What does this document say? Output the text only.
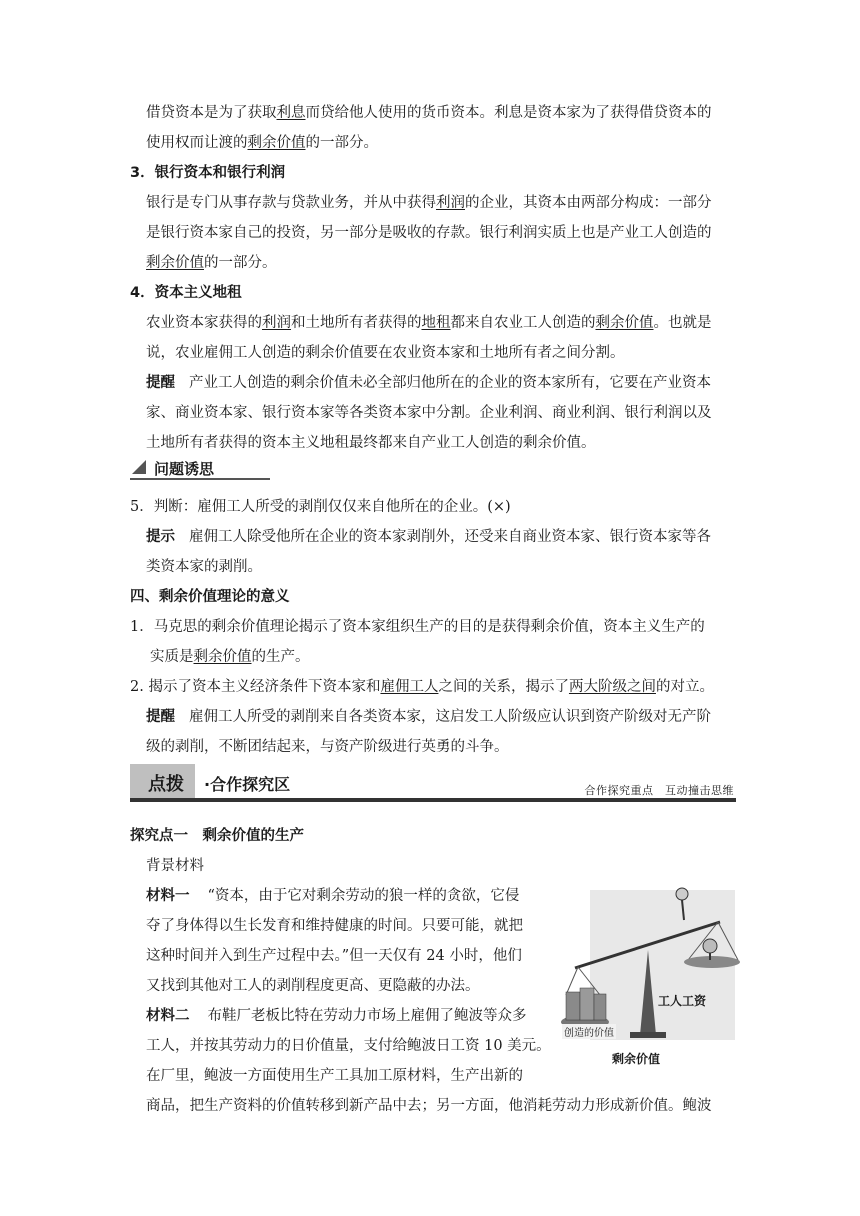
借贷资本是为了获取利息而贷给他人使用的货币资本。利息是资本家为了获得借贷资本的
使用权而让渡的剩余价值的一部分。
3．银行资本和银行利润
银行是专门从事存款与贷款业务，并从中获得利润的企业，其资本由两部分构成：一部分
是银行资本家自己的投资，另一部分是吸收的存款。银行利润实质上也是产业工人创造的
剩余价值的一部分。
4．资本主义地租
农业资本家获得的利润和土地所有者获得的地租都来自农业工人创造的剩余价值。也就是
说，农业雇佣工人创造的剩余价值要在农业资本家和土地所有者之间分割。
提醒 产业工人创造的剩余价值未必全部归他所在的企业的资本家所有，它要在产业资本
家、商业资本家、银行资本家等各类资本家中分割。企业利润、商业利润、银行利润以及
土地所有者获得的资本主义地租最终都来自产业工人创造的剩余价值。
问题诱思
5．判断：雇佣工人所受的剥削仅仅来自他所在的企业。(×)
提示 雇佣工人除受他所在企业的资本家剥削外，还受来自商业资本家、银行资本家等各
类资本家的剥削。
四、剩余价值理论的意义
1．马克思的剩余价值理论揭示了资本家组织生产的目的是获得剩余价值，资本主义生产的
实质是剩余价值的生产。
2. 揭示了资本主义经济条件下资本家和雇佣工人之间的关系，揭示了两大阶级之间的对立。
提醒 雇佣工人所受的剥削来自各类资本家，这启发工人阶级应认识到资产阶级对无产阶
级的剥削，不断团结起来，与资产阶级进行英勇的斗争。
点拨 ·合作探究区	合作探究重点　互动撞击思维
探究点一　剩余价值的生产
背景材料
材料一 “资本，由于它对剩余劳动的狼一样的贪欲，它侵
夺了身体得以生长发育和维持健康的时间。只要可能，就把
这种时间并入到生产过程中去。”但一天仅有 24 小时，他们
又找到其他对工人的剥削程度更高、更隐蔽的办法。
材料二 布鞋厂老板比特在劳动力市场上雇佣了鲍波等众多
工人，并按其劳动力的日价值量，支付给鲍波日工资 10 美元。
在厂里，鲍波一方面使用生产工具加工原材料，生产出新的
商品，把生产资料的价值转移到新产品中去；另一方面，他消耗劳动力形成新价值。鲍波
工人工资
创造的价值
剩余价值
